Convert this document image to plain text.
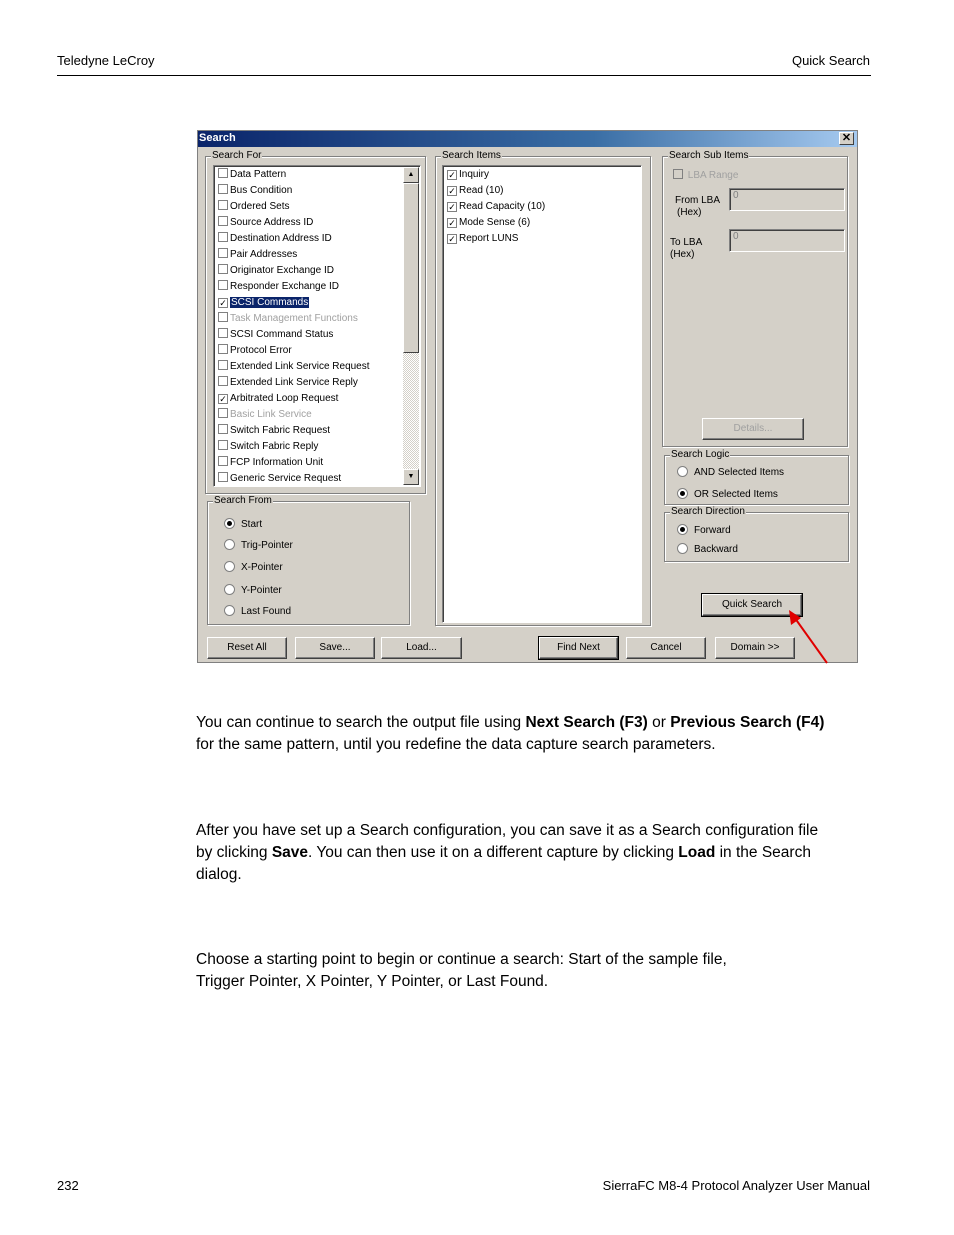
Teledyne LeCroy	Quick Search
Search	✕
Search For
Data Pattern
Bus Condition
Ordered Sets
Source Address ID
Destination Address ID
Pair Addresses
Originator Exchange ID
Responder Exchange ID
✓ SCSI Commands
Task Management Functions
SCSI Command Status
Protocol Error
Extended Link Service Request
Extended Link Service Reply
✓ Arbitrated Loop Request
Basic Link Service
Switch Fabric Request
Switch Fabric Reply
FCP Information Unit
Generic Service Request
▲
▼
Search From
Start
Trig-Pointer
X-Pointer
Y-Pointer
Last Found
Search Items
✓ Inquiry
✓ Read (10)
✓ Read Capacity (10)
✓ Mode Sense (6)
✓ Report LUNS
Search Sub Items
LBA Range
From LBA
(Hex)
0
To LBA
(Hex)
0
Details...
Search Logic
AND Selected Items
OR Selected Items
Search Direction
Forward
Backward
Quick Search
Reset All	Save...	Load...	Find Next	Cancel	Domain >>
You can continue to search the output file using Next Search (F3) or Previous Search (F4)
for the same pattern, until you redefine the data capture search parameters.
After you have set up a Search configuration, you can save it as a Search configuration file
by clicking Save. You can then use it on a different capture by clicking Load in the Search
dialog.
Choose a starting point to begin or continue a search: Start of the sample file,
Trigger Pointer, X Pointer, Y Pointer, or Last Found.
232	SierraFC M8-4 Protocol Analyzer User Manual
